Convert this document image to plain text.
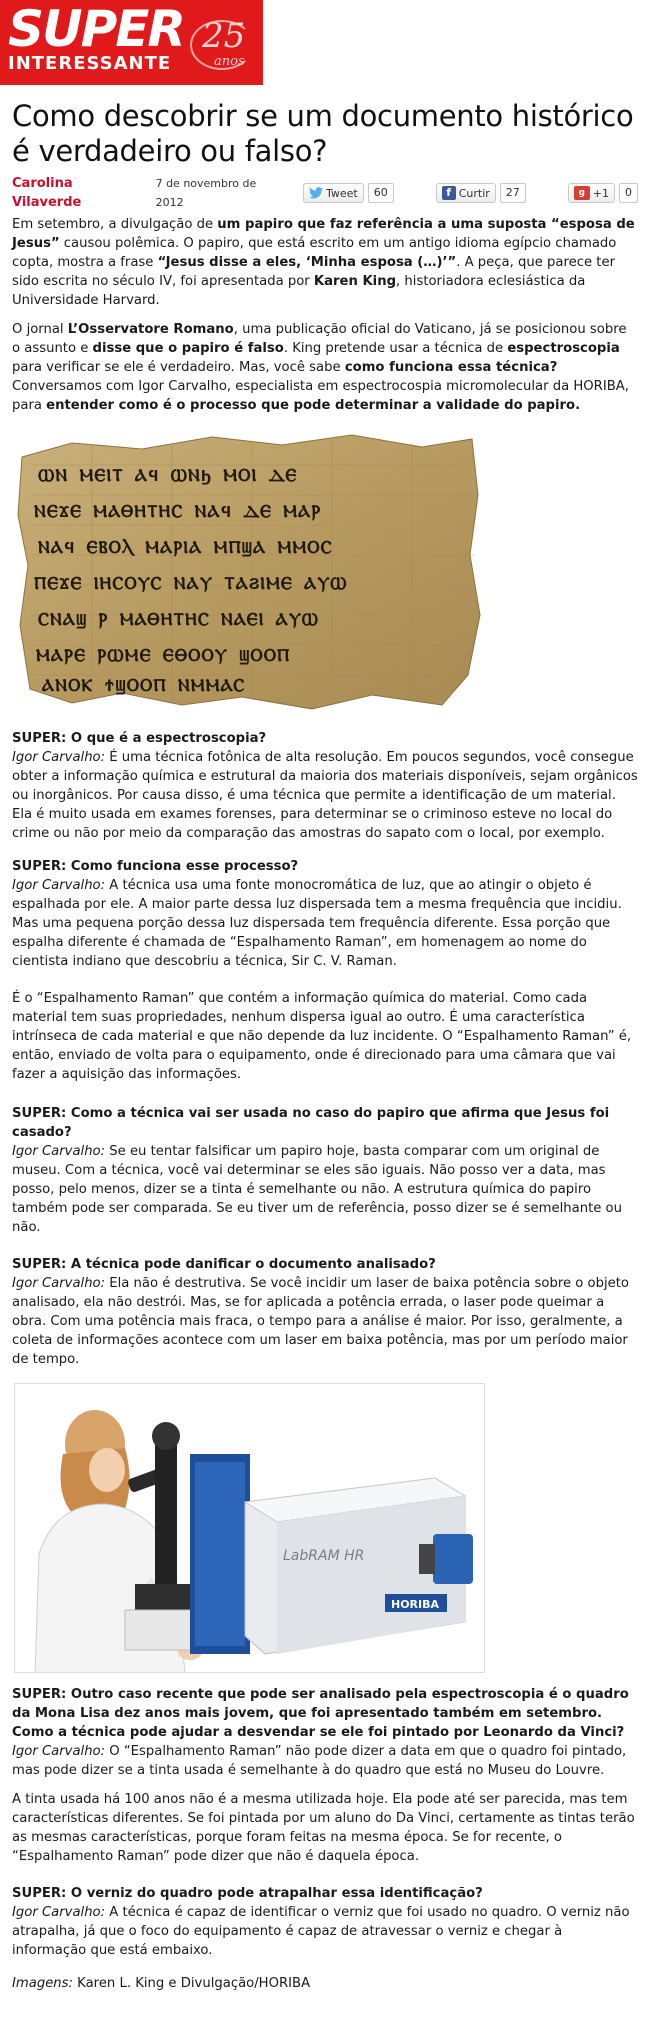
SUPER
INTERESSANTE
25
anos
Como descobrir se um documento histórico é verdadeiro ou falso?
Carolina Vilaverde
7 de novembro de 2012
Tweet	60	f Curtir	27	g +1	0

Em setembro, a divulgação de um papiro que faz referência a uma suposta “esposa de Jesus” causou polêmica. O papiro, que está escrito em um antigo idioma egípcio chamado copta, mostra a frase “Jesus disse a eles, ‘Minha esposa (…)’”. A peça, que parece ter sido escrita no século IV, foi apresentada por Karen King, historiadora eclesiástica da Universidade Harvard.

O jornal L’Osservatore Romano, uma publicação oficial do Vaticano, já se posicionou sobre o assunto e disse que o papiro é falso. King pretende usar a técnica de espectroscopia para verificar se ele é verdadeiro. Mas, você sabe como funciona essa técnica? Conversamos com Igor Carvalho, especialista em espectrocospia micromolecular da HORIBA, para entender como é o processo que pode determinar a validade do papiro.

ⲰⲚ ⲘⲈⲒⲦ ⲀϤ ⲰⲚϦ ⲘⲞⲒ ⲆⲈ
ⲚⲈϪⲈ ⲘⲀⲐⲎⲦⲎⲤ ⲚⲀϤ ⲆⲈ ⲘⲀⲢ
ⲚⲀϤ ⲈⲂⲞⲖ ⲘⲀⲢⲒⲀ ⲘⲠϢⲀ ⲘⲘⲞⲤ
ⲠⲈϪⲈ ⲒⲎⲤⲞⲨⲤ ⲚⲀⲨ ⲦⲀϨⲒⲘⲈ ⲀⲨⲰ
ⲤⲚⲀϢ Ⲣ ⲘⲀⲐⲎⲦⲎⲤ ⲚⲀⲈⲒ ⲀⲨⲰ
ⲘⲀⲢⲈ ⲢⲰⲘⲈ ⲈⲐⲞⲞⲨ ϢⲞⲞⲠ
ⲀⲚⲞⲔ ϮϢⲞⲞⲠ ⲚⲘⲘⲀⲤ
SUPER: O que é a espectroscopia?
Igor Carvalho: É uma técnica fotônica de alta resolução. Em poucos segundos, você consegue obter a informação química e estrutural da maioria dos materiais disponíveis, sejam orgânicos ou inorgânicos. Por causa disso, é uma técnica que permite a identificação de um material. Ela é muito usada em exames forenses, para determinar se o criminoso esteve no local do crime ou não por meio da comparação das amostras do sapato com o local, por exemplo.
SUPER: Como funciona esse processo?
Igor Carvalho: A técnica usa uma fonte monocromática de luz, que ao atingir o objeto é espalhada por ele. A maior parte dessa luz dispersada tem a mesma frequência que incidiu. Mas uma pequena porção dessa luz dispersada tem frequência diferente. Essa porção que espalha diferente é chamada de “Espalhamento Raman”, em homenagem ao nome do cientista indiano que descobriu a técnica, Sir C. V. Raman.
É o “Espalhamento Raman” que contém a informação química do material. Como cada material tem suas propriedades, nenhum dispersa igual ao outro. É uma característica intrínseca de cada material e que não depende da luz incidente. O “Espalhamento Raman” é, então, enviado de volta para o equipamento, onde é direcionado para uma câmara que vai fazer a aquisição das informações.
SUPER: Como a técnica vai ser usada no caso do papiro que afirma que Jesus foi casado?
Igor Carvalho: Se eu tentar falsificar um papiro hoje, basta comparar com um original de museu. Com a técnica, você vai determinar se eles são iguais. Não posso ver a data, mas posso, pelo menos, dizer se a tinta é semelhante ou não. A estrutura química do papiro também pode ser comparada. Se eu tiver um de referência, posso dizer se é semelhante ou não.
SUPER: A técnica pode danificar o documento analisado?
Igor Carvalho: Ela não é destrutiva. Se você incidir um laser de baixa potência sobre o objeto analisado, ela não destrói. Mas, se for aplicada a potência errada, o laser pode queimar a obra. Com uma potência mais fraca, o tempo para a análise é maior. Por isso, geralmente, a coleta de informações acontece com um laser em baixa potência, mas por um período maior de tempo.
LabRAM HR
HORIBA
SUPER: Outro caso recente que pode ser analisado pela espectroscopia é o quadro da Mona Lisa dez anos mais jovem, que foi apresentado também em setembro. Como a técnica pode ajudar a desvendar se ele foi pintado por Leonardo da Vinci?
Igor Carvalho: O “Espalhamento Raman” não pode dizer a data em que o quadro foi pintado, mas pode dizer se a tinta usada é semelhante à do quadro que está no Museu do Louvre.
A tinta usada há 100 anos não é a mesma utilizada hoje. Ela pode até ser parecida, mas tem características diferentes. Se foi pintada por um aluno do Da Vinci, certamente as tintas terão as mesmas características, porque foram feitas na mesma época. Se for recente, o “Espalhamento Raman” pode dizer que não é daquela época.
SUPER: O verniz do quadro pode atrapalhar essa identificação?
Igor Carvalho: A técnica é capaz de identificar o verniz que foi usado no quadro. O verniz não atrapalha, já que o foco do equipamento é capaz de atravessar o verniz e chegar à informação que está embaixo.
Imagens: Karen L. King e Divulgação/HORIBA
